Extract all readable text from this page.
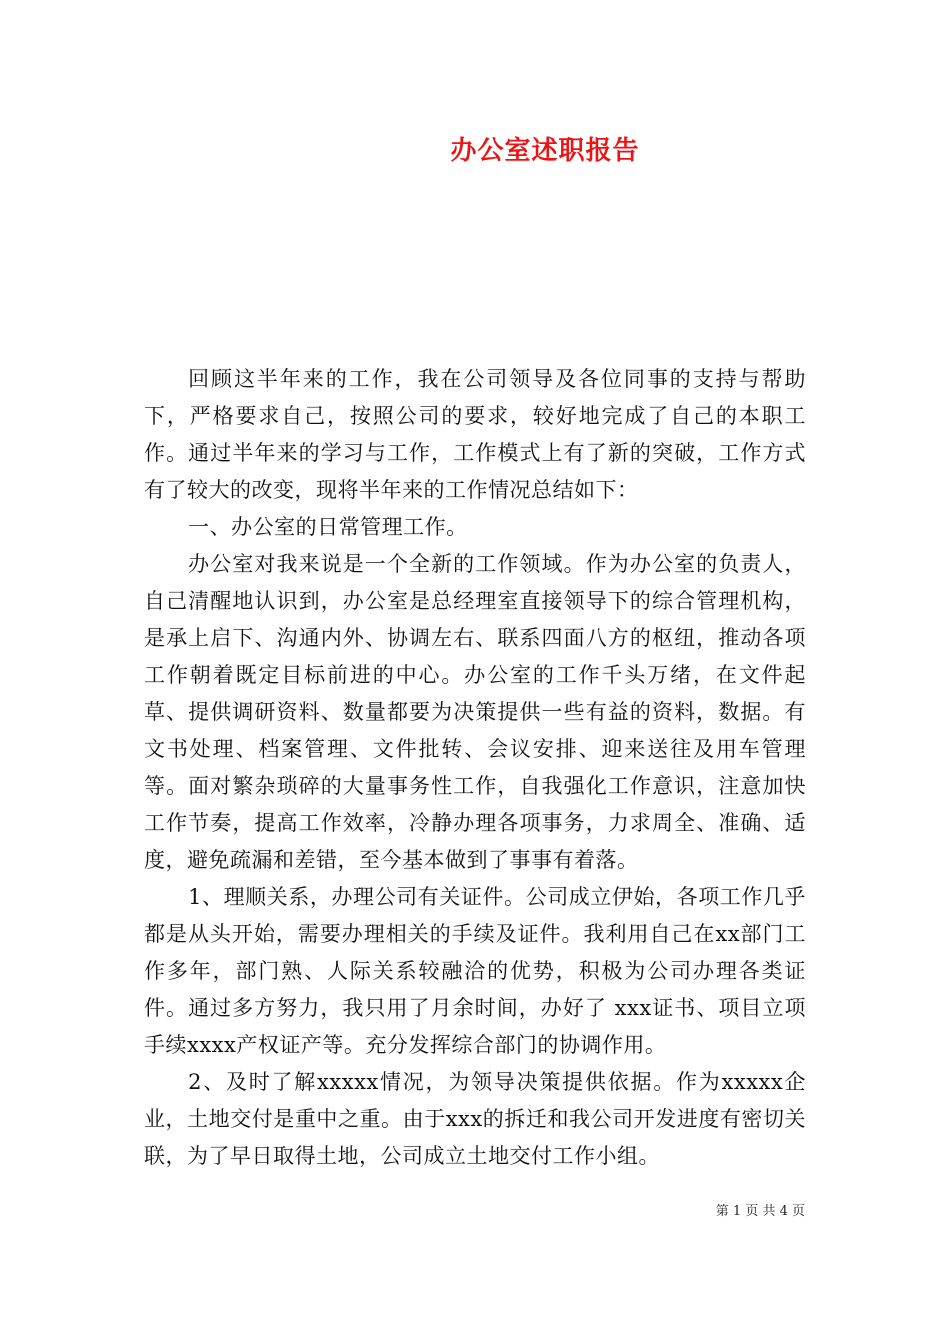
办公室述职报告

回顾这半年来的工作，我在公司领导及各位同事的支持与帮助下，严格要求自己，按照公司的要求，较好地完成了自己的本职工作。通过半年来的学习与工作，工作模式上有了新的突破，工作方式有了较大的改变，现将半年来的工作情况总结如下：

一、办公室的日常管理工作。

办公室对我来说是一个全新的工作领域。作为办公室的负责人，自己清醒地认识到，办公室是总经理室直接领导下的综合管理机构，是承上启下、沟通内外、协调左右、联系四面八方的枢纽，推动各项工作朝着既定目标前进的中心。办公室的工作千头万绪，在文件起草、提供调研资料、数量都要为决策提供一些有益的资料，数据。有文书处理、档案管理、文件批转、会议安排、迎来送往及用车管理等。面对繁杂琐碎的大量事务性工作，自我强化工作意识，注意加快工作节奏，提高工作效率，冷静办理各项事务，力求周全、准确、适度，避免疏漏和差错，至今基本做到了事事有着落。

1、理顺关系，办理公司有关证件。公司成立伊始，各项工作几乎都是从头开始，需要办理相关的手续及证件。我利用自己在xx部门工作多年，部门熟、人际关系较融洽的优势，积极为公司办理各类证件。通过多方努力，我只用了月余时间，办好了 xxx证书、项目立项手续xxxx产权证产等。充分发挥综合部门的协调作用。

2、及时了解xxxxx情况，为领导决策提供依据。作为xxxxx企业，土地交付是重中之重。由于xxx的拆迁和我公司开发进度有密切关联，为了早日取得土地，公司成立土地交付工作小组。

第 1 页 共 4 页
